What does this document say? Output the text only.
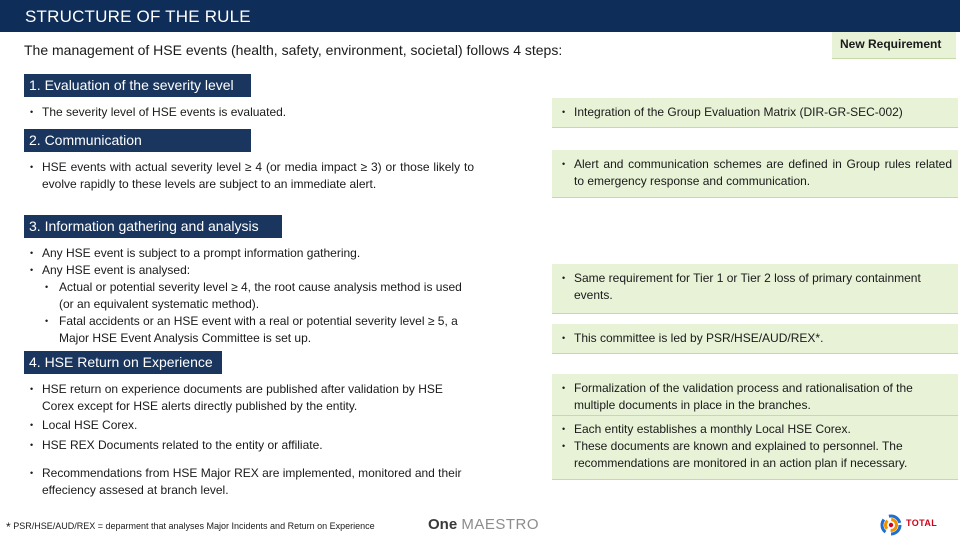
STRUCTURE OF THE RULE
The management of HSE events (health, safety, environment, societal) follows 4 steps:	New Requirement
1. Evaluation of the severity level
• The severity level of HSE events is evaluated.
•	Integration of the Group Evaluation Matrix (DIR-GR-SEC-002)
2. Communication
• HSE events with actual severity level ≥ 4 (or media impact ≥ 3) or those likely to evolve rapidly to these levels are subject to an immediate alert.
• Alert and communication schemes are defined in Group rules related to emergency response and communication.
3. Information gathering and analysis
• Any HSE event is subject to a prompt information gathering.
• Any HSE event is analysed:
• Actual or potential severity level ≥ 4, the root cause analysis method is used (or an equivalent systematic method).
• Fatal accidents or an HSE event with a real or potential severity level ≥ 5, a Major HSE Event Analysis Committee is set up.
• Same requirement for Tier 1 or Tier 2 loss of primary containment events.
• This committee is led by PSR/HSE/AUD/REX*.
4. HSE Return on Experience
• HSE return on experience documents are published after validation by HSE Corex except for HSE alerts directly published by the entity.
• Local HSE Corex.
• HSE REX Documents related to the entity or affiliate.
• Recommendations from HSE Major REX are implemented, monitored and their effeciency assesed at branch level.
• Formalization of the validation process and rationalisation of the multiple documents in place in the branches.
• Each entity establishes a monthly Local HSE Corex.
• These documents are known and explained to personnel. The recommendations are monitored in an action plan if necessary.
* PSR/HSE/AUD/REX = deparment that analyses Major Incidents and Return on Experience	One MAESTRO	TOTAL
